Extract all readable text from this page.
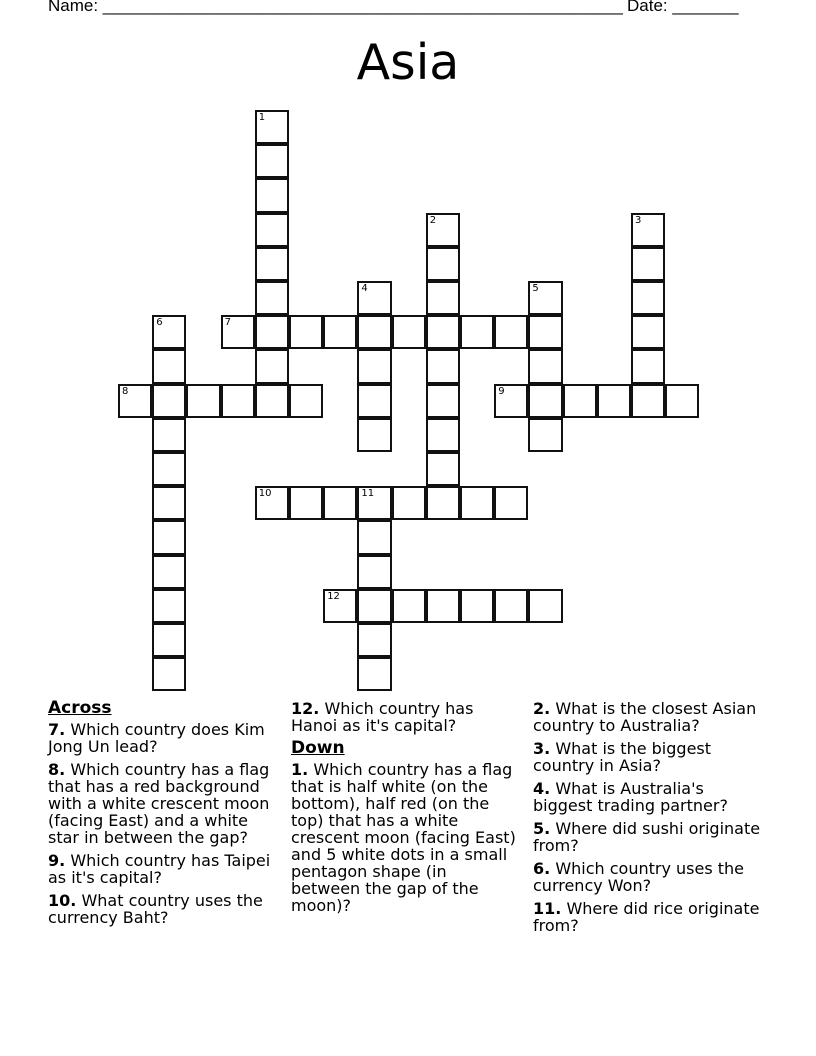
Name: _______________________________________________________ Date: _______
Asia
1
2	3
4	5
6	7
8	9
10	11
12
Across
7. Which country does Kim Jong Un lead?
8. Which country has a flag that has a red background with a white crescent moon (facing East) and a white star in between the gap?
9. Which country has Taipei as it's capital?
10. What country uses the currency Baht?
12. Which country has Hanoi as it's capital?
Down
1. Which country has a flag that is half white (on the bottom), half red (on the top) that has a white crescent moon (facing East) and 5 white dots in a small pentagon shape (in between the gap of the moon)?
2. What is the closest Asian country to Australia?
3. What is the biggest country in Asia?
4. What is Australia's biggest trading partner?
5. Where did sushi originate from?
6. Which country uses the currency Won?
11. Where did rice originate from?
